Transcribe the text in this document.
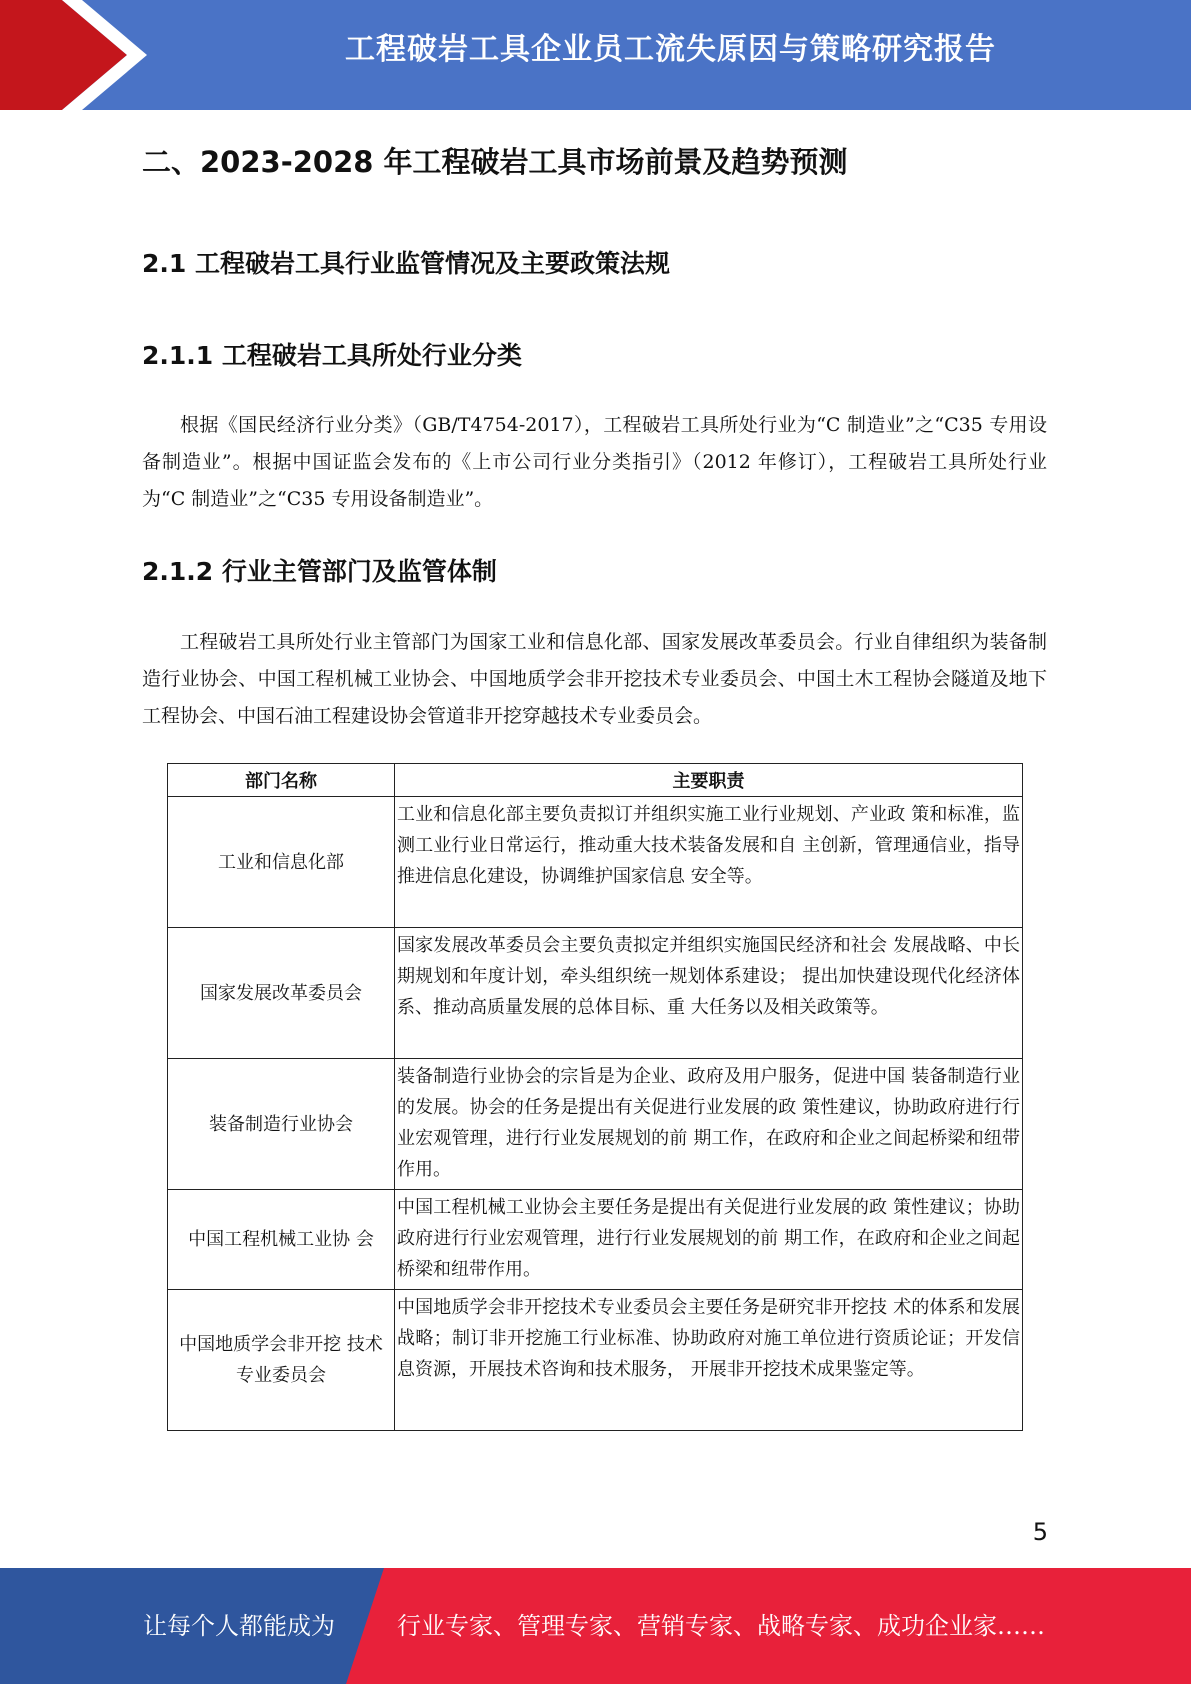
工程破岩工具企业员工流失原因与策略研究报告
二、2023-2028 年工程破岩工具市场前景及趋势预测
2.1 工程破岩工具行业监管情况及主要政策法规
2.1.1 工程破岩工具所处行业分类

根据《国民经济行业分类》（GB/T4754-2017），工程破岩工具所处行业为“C 制造业”之“C35 专用设备制造业”。根据中国证监会发布的《上市公司行业分类指引》（2012 年修订），工程破岩工具所处行业为“C 制造业”之“C35 专用设备制造业”。

2.1.2 行业主管部门及监管体制

工程破岩工具所处行业主管部门为国家工业和信息化部、国家发展改革委员会。行业自律组织为装备制造行业协会、中国工程机械工业协会、中国地质学会非开挖技术专业委员会、中国土木工程协会隧道及地下工程协会、中国石油工程建设协会管道非开挖穿越技术专业委员会。

部门名称	主要职责
工业和信息化部	工业和信息化部主要负责拟订并组织实施工业行业规划、产业政 策和标准，监测工业行业日常运行，推动重大技术装备发展和自 主创新，管理通信业，指导推进信息化建设，协调维护国家信息 安全等。
国家发展改革委员会	国家发展改革委员会主要负责拟定并组织实施国民经济和社会 发展战略、中长期规划和年度计划，牵头组织统一规划体系建设； 提出加快建设现代化经济体系、推动高质量发展的总体目标、重 大任务以及相关政策等。
装备制造行业协会	装备制造行业协会的宗旨是为企业、政府及用户服务，促进中国 装备制造行业的发展。协会的任务是提出有关促进行业发展的政 策性建议，协助政府进行行业宏观管理，进行行业发展规划的前 期工作，在政府和企业之间起桥梁和纽带作用。
中国工程机械工业协 会	中国工程机械工业协会主要任务是提出有关促进行业发展的政 策性建议；协助政府进行行业宏观管理，进行行业发展规划的前 期工作，在政府和企业之间起桥梁和纽带作用。
中国地质学会非开挖 技术专业委员会	中国地质学会非开挖技术专业委员会主要任务是研究非开挖技 术的体系和发展战略；制订非开挖施工行业标准、协助政府对施工单位进行资质论证；开发信息资源，开展技术咨询和技术服务， 开展非开挖技术成果鉴定等。
5
让每个人都能成为	行业专家、管理专家、营销专家、战略专家、成功企业家……
